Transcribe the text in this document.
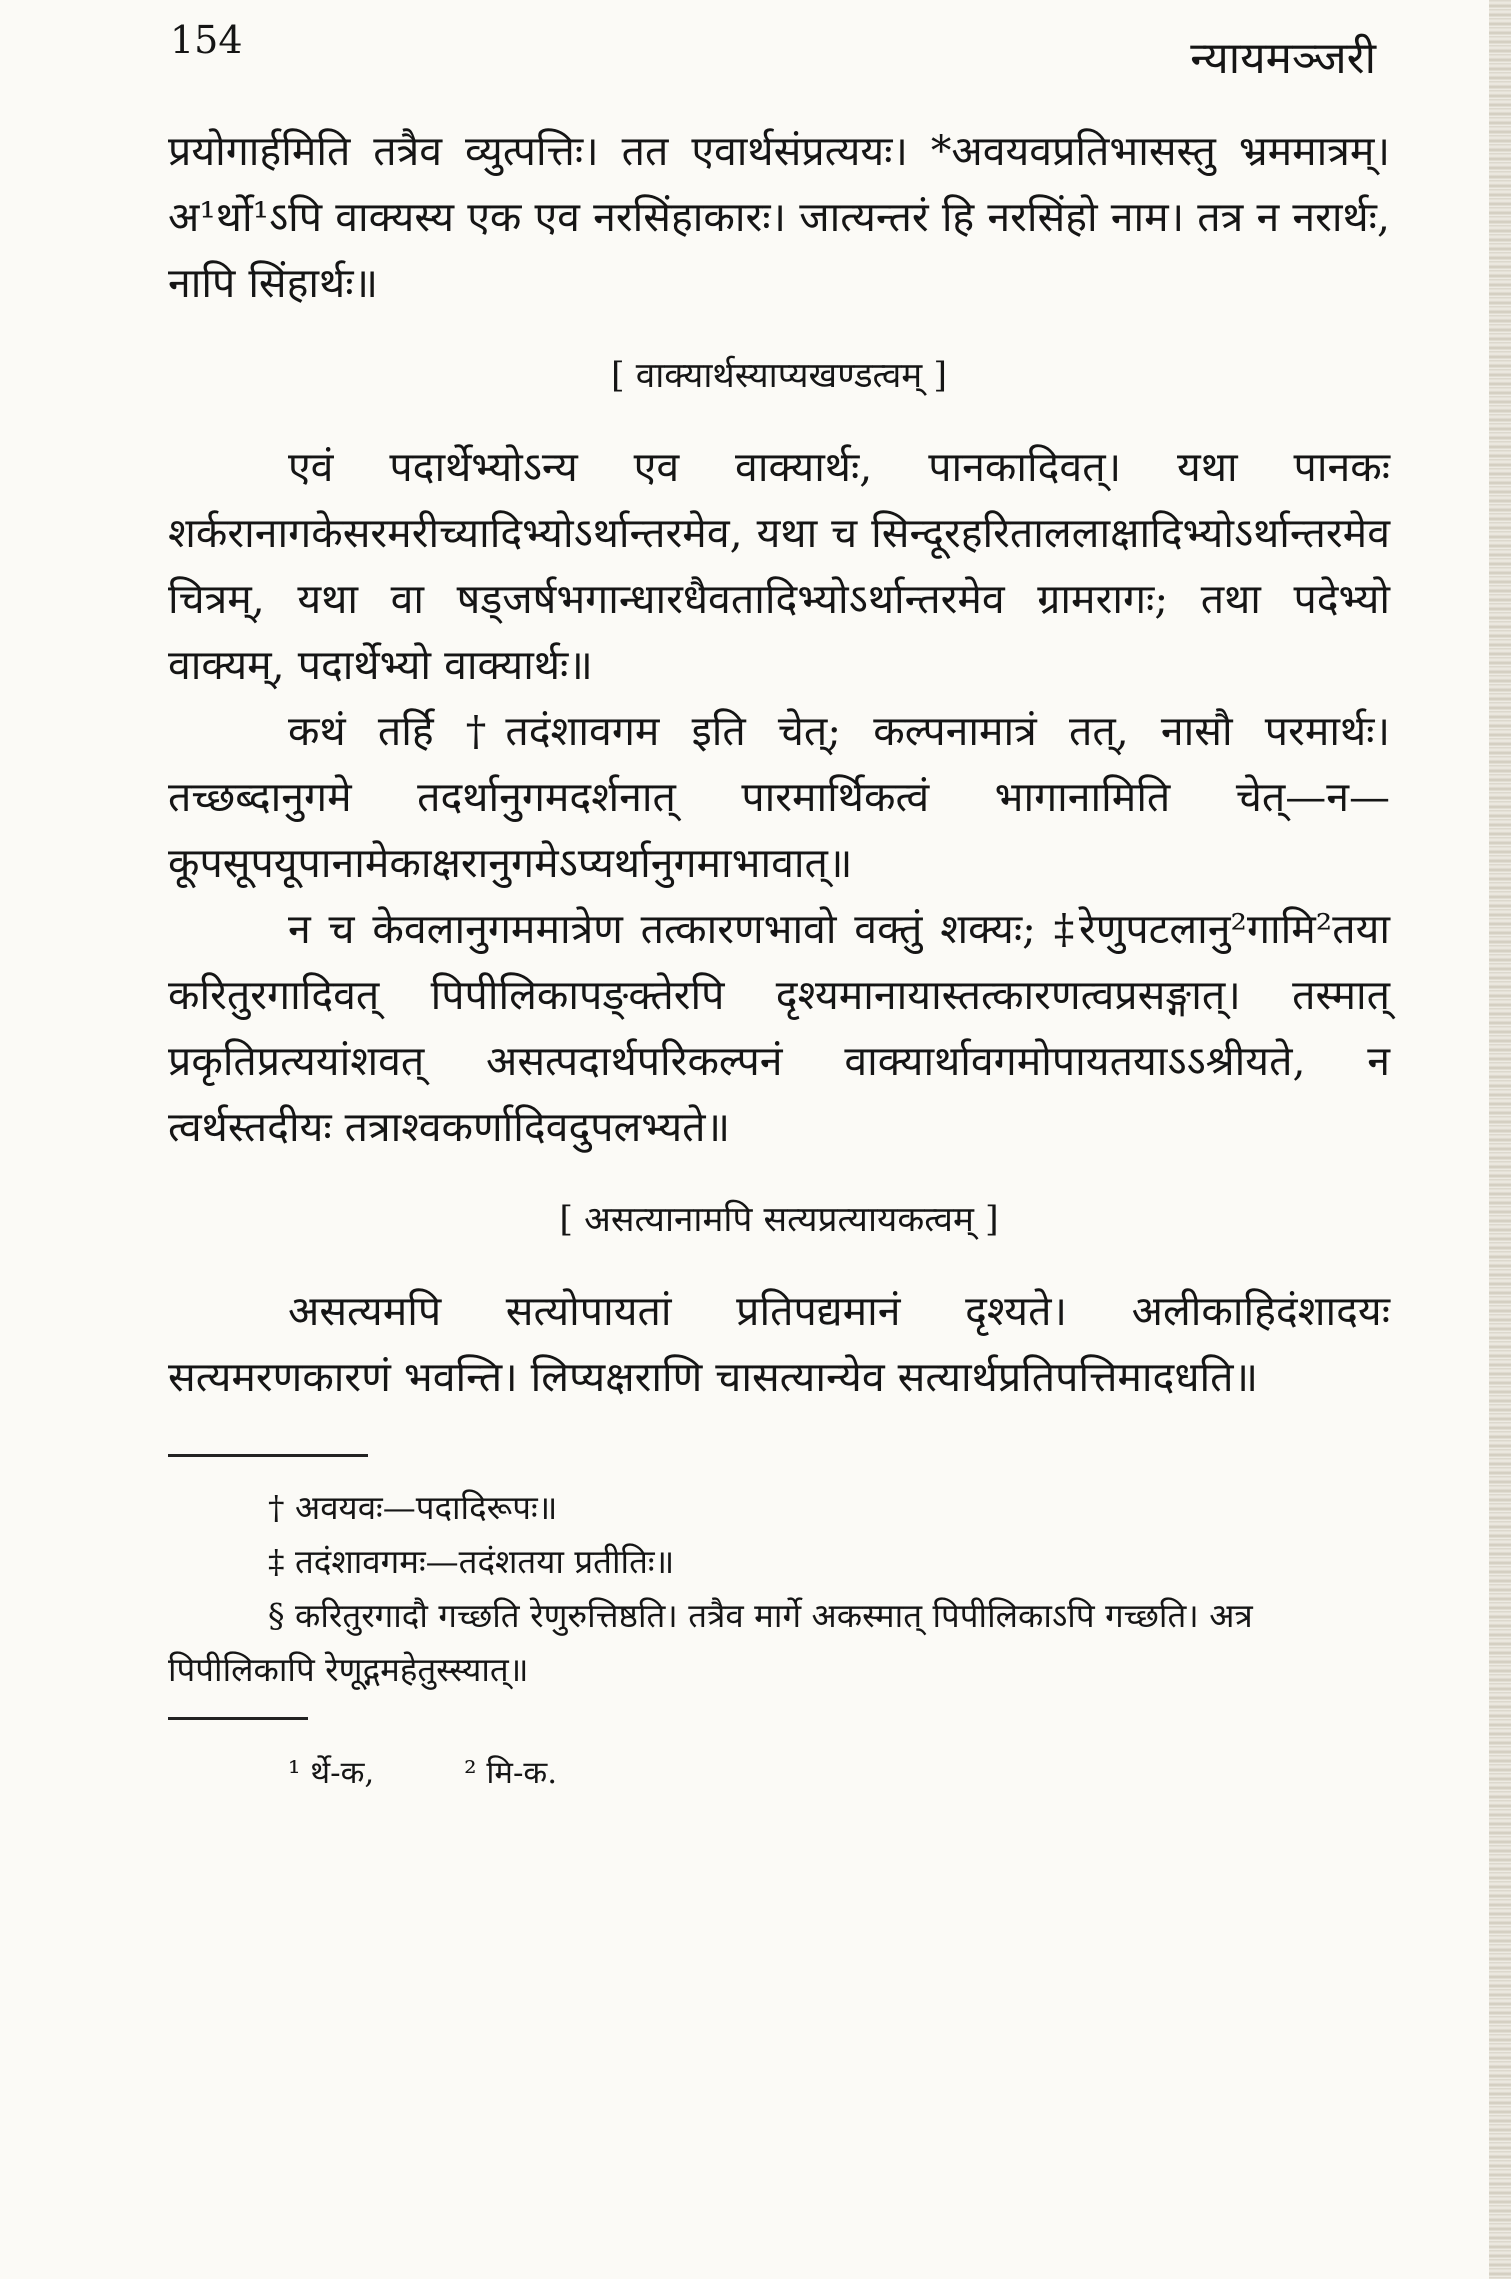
154	न्यायमञ्जरी

प्रयोगार्हमिति तत्रैव व्युत्पत्तिः। तत एवार्थसंप्रत्ययः। *अवयवप्रतिभासस्तु भ्रममात्रम्। अ¹र्थो¹ऽपि वाक्यस्य एक एव नरसिंहाकारः। जात्यन्तरं हि नरसिंहो नाम। तत्र न नरार्थः, नापि सिंहार्थः॥

[ वाक्यार्थस्याप्यखण्डत्वम् ]

एवं पदार्थेभ्योऽन्य एव वाक्यार्थः, पानकादिवत्। यथा पानकः शर्करानागकेसरमरीच्यादिभ्योऽर्थान्तरमेव, यथा च सिन्दूरहरिताललाक्षादिभ्योऽर्थान्तरमेव चित्रम्, यथा वा षड्जर्षभगान्धारधैवतादिभ्योऽर्थान्तरमेव ग्रामरागः; तथा पदेभ्यो वाक्यम्, पदार्थेभ्यो वाक्यार्थः॥

कथं तर्हि †तदंशावगम इति चेत्; कल्पनामात्रं तत्, नासौ परमार्थः। तच्छब्दानुगमे तदर्थानुगमदर्शनात् पारमार्थिकत्वं भागानामिति चेत्—न—कूपसूपयूपानामेकाक्षरानुगमेऽप्यर्थानुगमाभावात्॥

न च केवलानुगममात्रेण तत्कारणभावो वक्तुं शक्यः; ‡रेणुपटलानु²गामि²तया करितुरगादिवत् पिपीलिकापङ्क्तेरपि दृश्यमानायास्तत्कारणत्वप्रसङ्गात्। तस्मात् प्रकृतिप्रत्ययांशवत् असत्पदार्थपरिकल्पनं वाक्यार्थावगमोपायतयाऽऽश्रीयते, न त्वर्थस्तदीयः तत्राश्वकर्णादिवदुपलभ्यते॥

[ असत्यानामपि सत्यप्रत्यायकत्वम् ]

असत्यमपि सत्योपायतां प्रतिपद्यमानं दृश्यते। अलीकाहिदंशादयः सत्यमरणकारणं भवन्ति। लिप्यक्षराणि चासत्यान्येव सत्यार्थप्रतिपत्तिमादधति॥

† अवयवः—पदादिरूपः॥

‡ तदंशावगमः—तदंशतया प्रतीतिः॥

§ करितुरगादौ गच्छति रेणुरुत्तिष्ठति। तत्रैव मार्गे अकस्मात् पिपीलिकाऽपि गच्छति। अत्र पिपीलिकापि रेणूद्गमहेतुस्स्यात्॥

¹ र्थे-क,	² मि-क.
